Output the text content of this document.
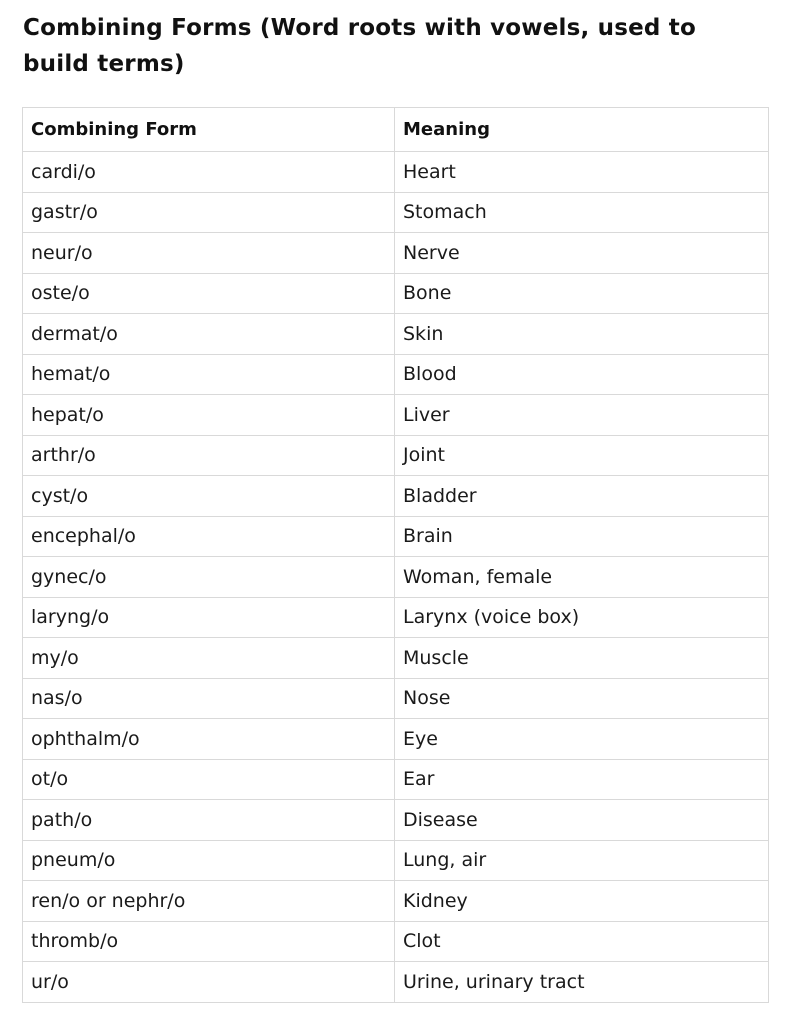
Combining Forms (Word roots with vowels, used to build terms)
Combining Form	Meaning
cardi/o	Heart
gastr/o	Stomach
neur/o	Nerve
oste/o	Bone
dermat/o	Skin
hemat/o	Blood
hepat/o	Liver
arthr/o	Joint
cyst/o	Bladder
encephal/o	Brain
gynec/o	Woman, female
laryng/o	Larynx (voice box)
my/o	Muscle
nas/o	Nose
ophthalm/o	Eye
ot/o	Ear
path/o	Disease
pneum/o	Lung, air
ren/o or nephr/o	Kidney
thromb/o	Clot
ur/o	Urine, urinary tract
